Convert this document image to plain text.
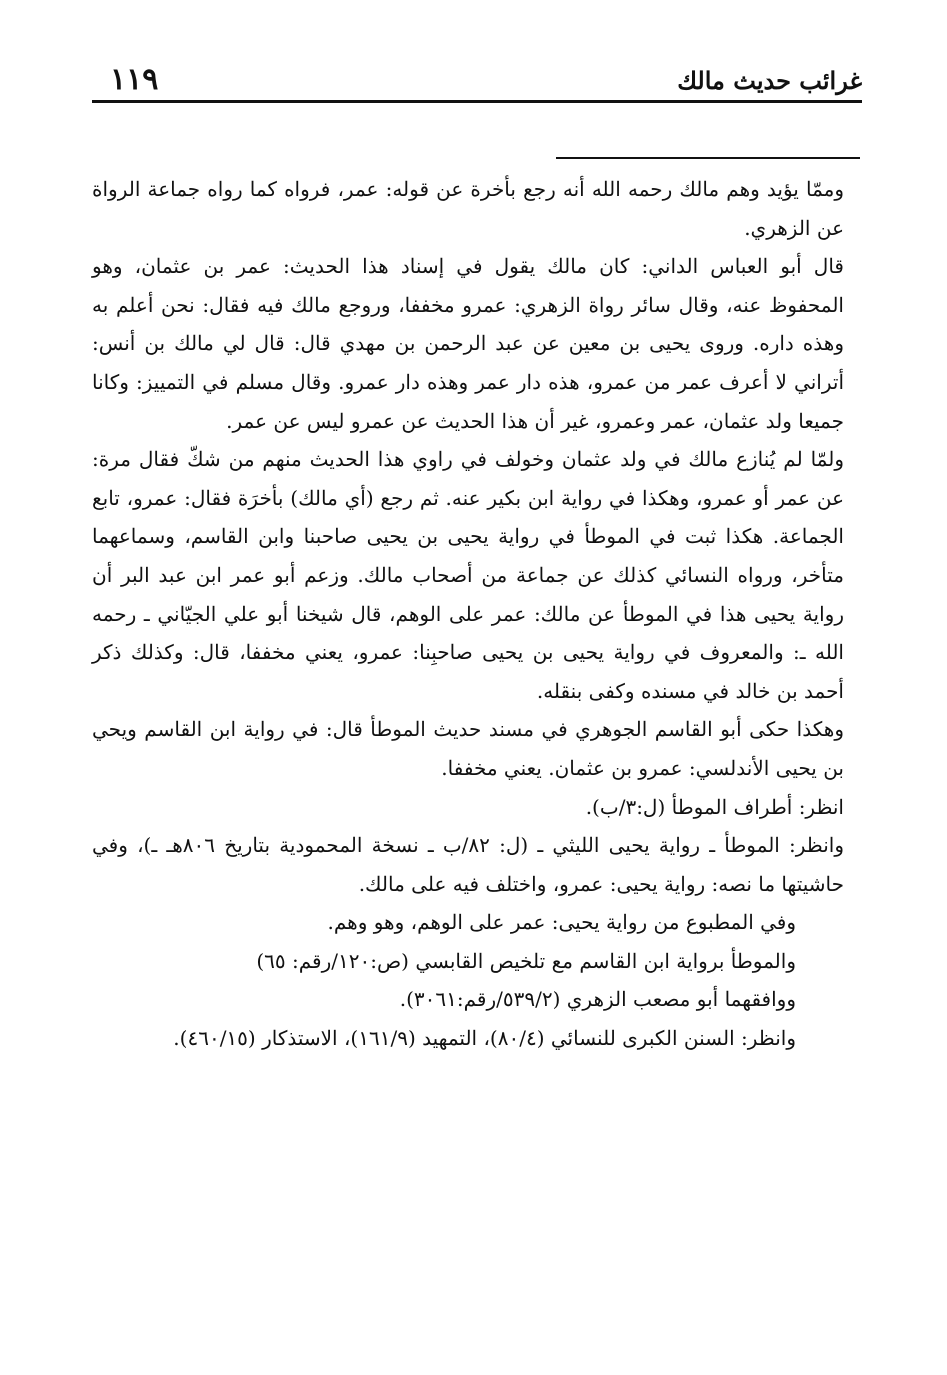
غرائب حديث مالك
١١٩

وممّا يؤيد وهم مالك رحمه الله أنه رجع بأخرة عن قوله: عمر، فرواه كما رواه جماعة الرواة عن الزهري.

قال أبو العباس الداني: كان مالك يقول في إسناد هذا الحديث: عمر بن عثمان، وهو المحفوظ عنه، وقال سائر رواة الزهري: عمرو مخففا، وروجع مالك فيه فقال: نحن أعلم به وهذه داره. وروى يحيى بن معين عن عبد الرحمن بن مهدي قال: قال لي مالك بن أنس: أتراني لا أعرف عمر من عمرو، هذه دار عمر وهذه دار عمرو. وقال مسلم في التمييز: وكانا جميعا ولد عثمان، عمر وعمرو، غير أن هذا الحديث عن عمرو ليس عن عمر.

ولمّا لم يُنازع مالك في ولد عثمان وخولف في راوي هذا الحديث منهم من شكّ فقال مرة: عن عمر أو عمرو، وهكذا في رواية ابن بكير عنه. ثم رجع (أي مالك) بأخرَة فقال: عمرو، تابع الجماعة. هكذا ثبت في الموطأ في رواية يحيى بن يحيى صاحبنا وابن القاسم، وسماعهما متأخر، ورواه النسائي كذلك عن جماعة من أصحاب مالك. وزعم أبو عمر ابن عبد البر أن رواية يحيى هذا في الموطأ عن مالك: عمر على الوهم، قال شيخنا أبو علي الجيّاني ـ رحمه الله ـ: والمعروف في رواية يحيى بن يحيى صاحبِنا: عمرو، يعني مخففا، قال: وكذلك ذكر أحمد بن خالد في مسنده وكفى بنقله.

وهكذا حكى أبو القاسم الجوهري في مسند حديث الموطأ قال: في رواية ابن القاسم ويحي بن يحيى الأندلسي: عمرو بن عثمان. يعني مخففا.

انظر: أطراف الموطأ (ل:٣/ب).

وانظر: الموطأ ـ رواية يحيى الليثي ـ (ل: ٨٢/ب ـ نسخة المحمودية بتاريخ ٨٠٦هـ ـ)، وفي حاشيتها ما نصه: رواية يحيى: عمرو، واختلف فيه على مالك.

وفي المطبوع من رواية يحيى: عمر على الوهم، وهو وهم.

والموطأ برواية ابن القاسم مع تلخيص القابسي (ص:١٢٠/رقم: ٦٥)

ووافقهما أبو مصعب الزهري (٥٣٩/٢/رقم:٣٠٦١).

وانظر: السنن الكبرى للنسائي (٨٠/٤)، التمهيد (١٦١/٩)، الاستذكار (٤٦٠/١٥).
